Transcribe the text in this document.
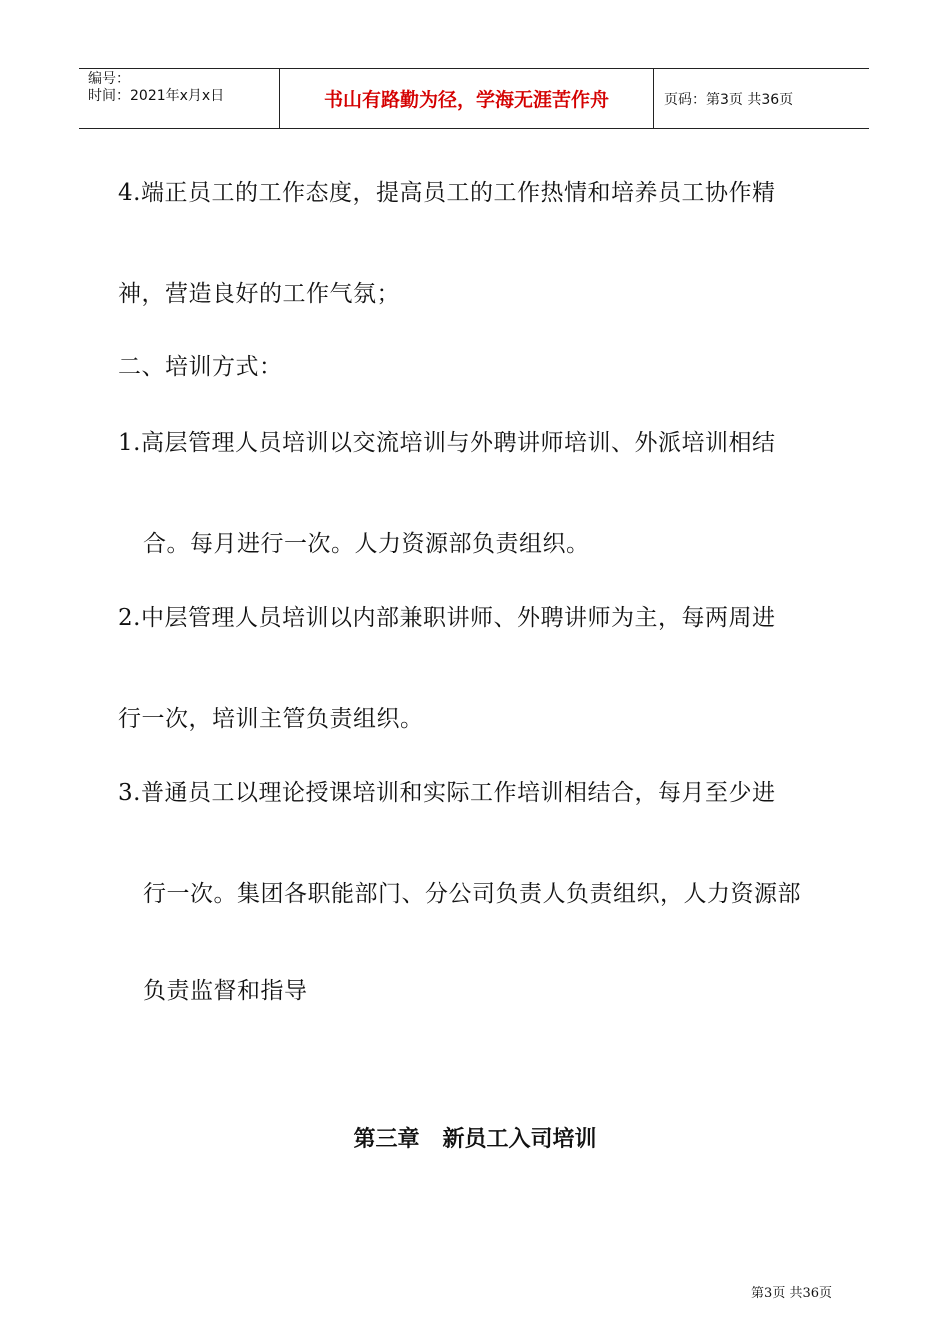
编号：
时间：2021年x月x日	书山有路勤为径，学海无涯苦作舟	页码：第3页 共36页
4.端正员工的工作态度，提高员工的工作热情和培养员工协作精
神，营造良好的工作气氛；
二、培训方式：
1.高层管理人员培训以交流培训与外聘讲师培训、外派培训相结
合。每月进行一次。人力资源部负责组织。
2.中层管理人员培训以内部兼职讲师、外聘讲师为主，每两周进
行一次，培训主管负责组织。
3.普通员工以理论授课培训和实际工作培训相结合，每月至少进
行一次。集团各职能部门、分公司负责人负责组织，人力资源部
负责监督和指导
第三章   新员工入司培训
第3页 共36页
